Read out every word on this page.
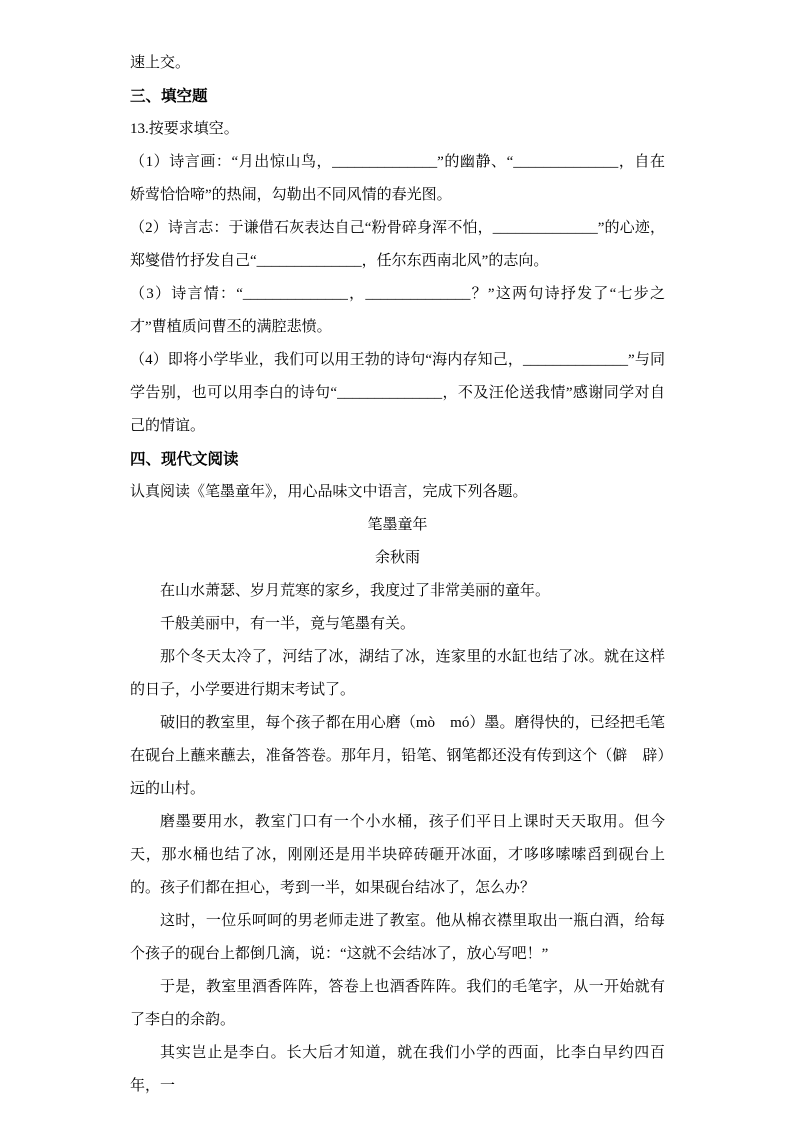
速上交。

三、填空题

13.按要求填空。

（1）诗言画：“月出惊山鸟，______________”的幽静、“______________，自在娇莺恰恰啼”的热闹，勾勒出不同风情的春光图。

（2）诗言志：于谦借石灰表达自己“粉骨碎身浑不怕，______________”的心迹，郑燮借竹抒发自己“______________，任尔东西南北风”的志向。

（3）诗言情：“______________，______________？”这两句诗抒发了“七步之才”曹植质问曹丕的满腔悲愤。

（4）即将小学毕业，我们可以用王勃的诗句“海内存知己，______________”与同学告别，也可以用李白的诗句“______________，不及汪伦送我情”感谢同学对自己的情谊。

四、现代文阅读

认真阅读《笔墨童年》，用心品味文中语言，完成下列各题。

笔墨童年

余秋雨

在山水萧瑟、岁月荒寒的家乡，我度过了非常美丽的童年。

千般美丽中，有一半，竟与笔墨有关。

那个冬天太冷了，河结了冰，湖结了冰，连家里的水缸也结了冰。就在这样的日子，小学要进行期末考试了。

破旧的教室里，每个孩子都在用心磨（mò　mó）墨。磨得快的，已经把毛笔在砚台上蘸来蘸去，准备答卷。那年月，铅笔、钢笔都还没有传到这个（僻　辟）远的山村。

磨墨要用水，教室门口有一个小水桶，孩子们平日上课时天天取用。但今天，那水桶也结了冰，刚刚还是用半块碎砖砸开冰面，才哆哆嗦嗦舀到砚台上的。孩子们都在担心，考到一半，如果砚台结冰了，怎么办？

这时，一位乐呵呵的男老师走进了教室。他从棉衣襟里取出一瓶白酒，给每个孩子的砚台上都倒几滴，说：“这就不会结冰了，放心写吧！”

于是，教室里酒香阵阵，答卷上也酒香阵阵。我们的毛笔字，从一开始就有了李白的余韵。

其实岂止是李白。长大后才知道，就在我们小学的西面，比李白早约四百年，一
